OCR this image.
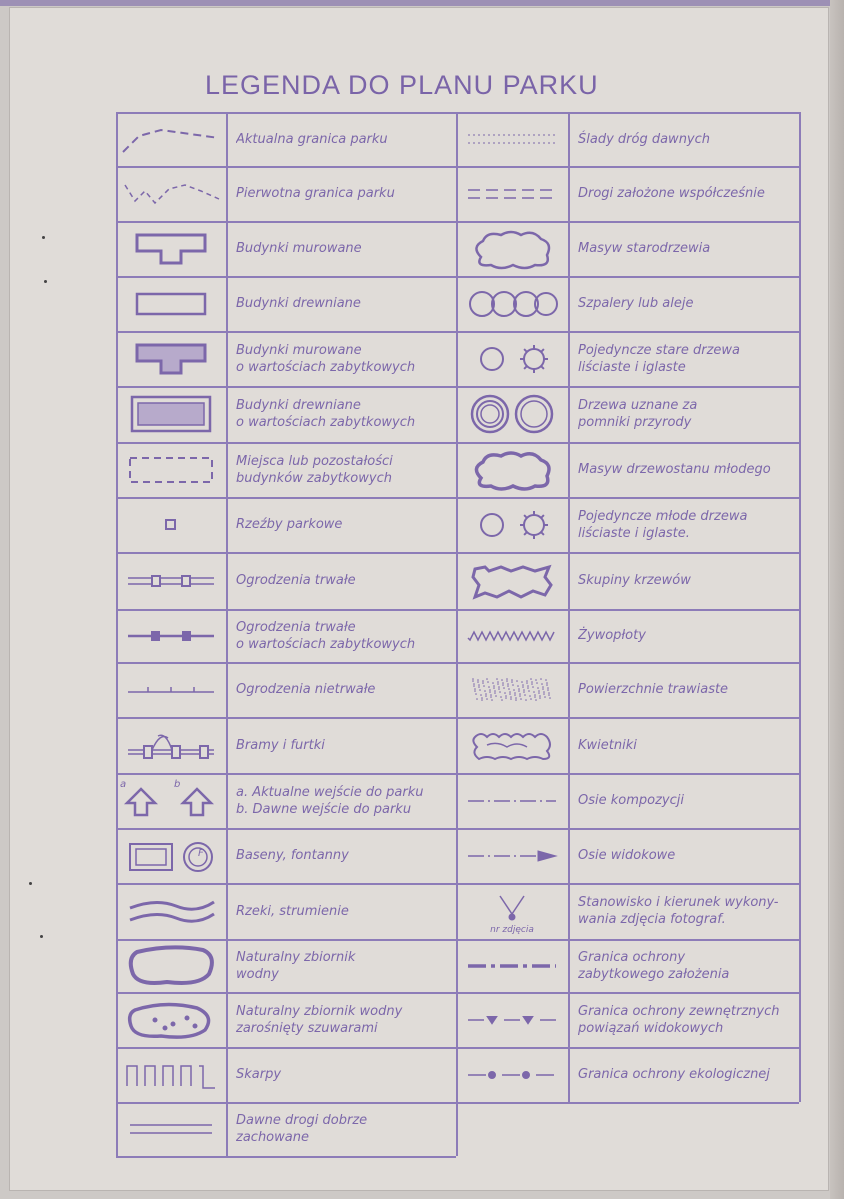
LEGENDA DO PLANU PARKU
Aktualna granica parku
Pierwotna granica parku
Budynki murowane
Budynki drewniane
Budynki murowane
o wartościach zabytkowych
Budynki drewniane
o wartościach zabytkowych
Miejsca lub pozostałości
budynków zabytkowych
Rzeźby parkowe
Ogrodzenia trwałe
Ogrodzenia trwałe
o wartościach zabytkowych
Ogrodzenia nietrwałe
Bramy i furtki
a. Aktualne wejście do parku
b. Dawne wejście do parku
Baseny, fontanny
Rzeki, strumienie
Naturalny zbiornik
wodny
Naturalny zbiornik wodny
zarośnięty szuwarami
Skarpy
Dawne drogi dobrze
zachowane
Ślady dróg dawnych
Drogi założone współcześnie
Masyw starodrzewia
Szpalery lub aleje
Pojedyncze stare drzewa
liściaste i iglaste
Drzewa uznane za
pomniki przyrody
Masyw drzewostanu młodego
Pojedyncze młode drzewa
liściaste i iglaste.
Skupiny krzewów
Żywopłoty
Powierzchnie trawiaste
Kwietniki
Osie kompozycji
Osie widokowe
nr zdjęcia
Stanowisko i kierunek wykony-
wania zdjęcia fotograf.
Granica ochrony
zabytkowego założenia
Granica ochrony zewnętrznych
powiązań widokowych
Granica ochrony ekologicznej
a	b
F
